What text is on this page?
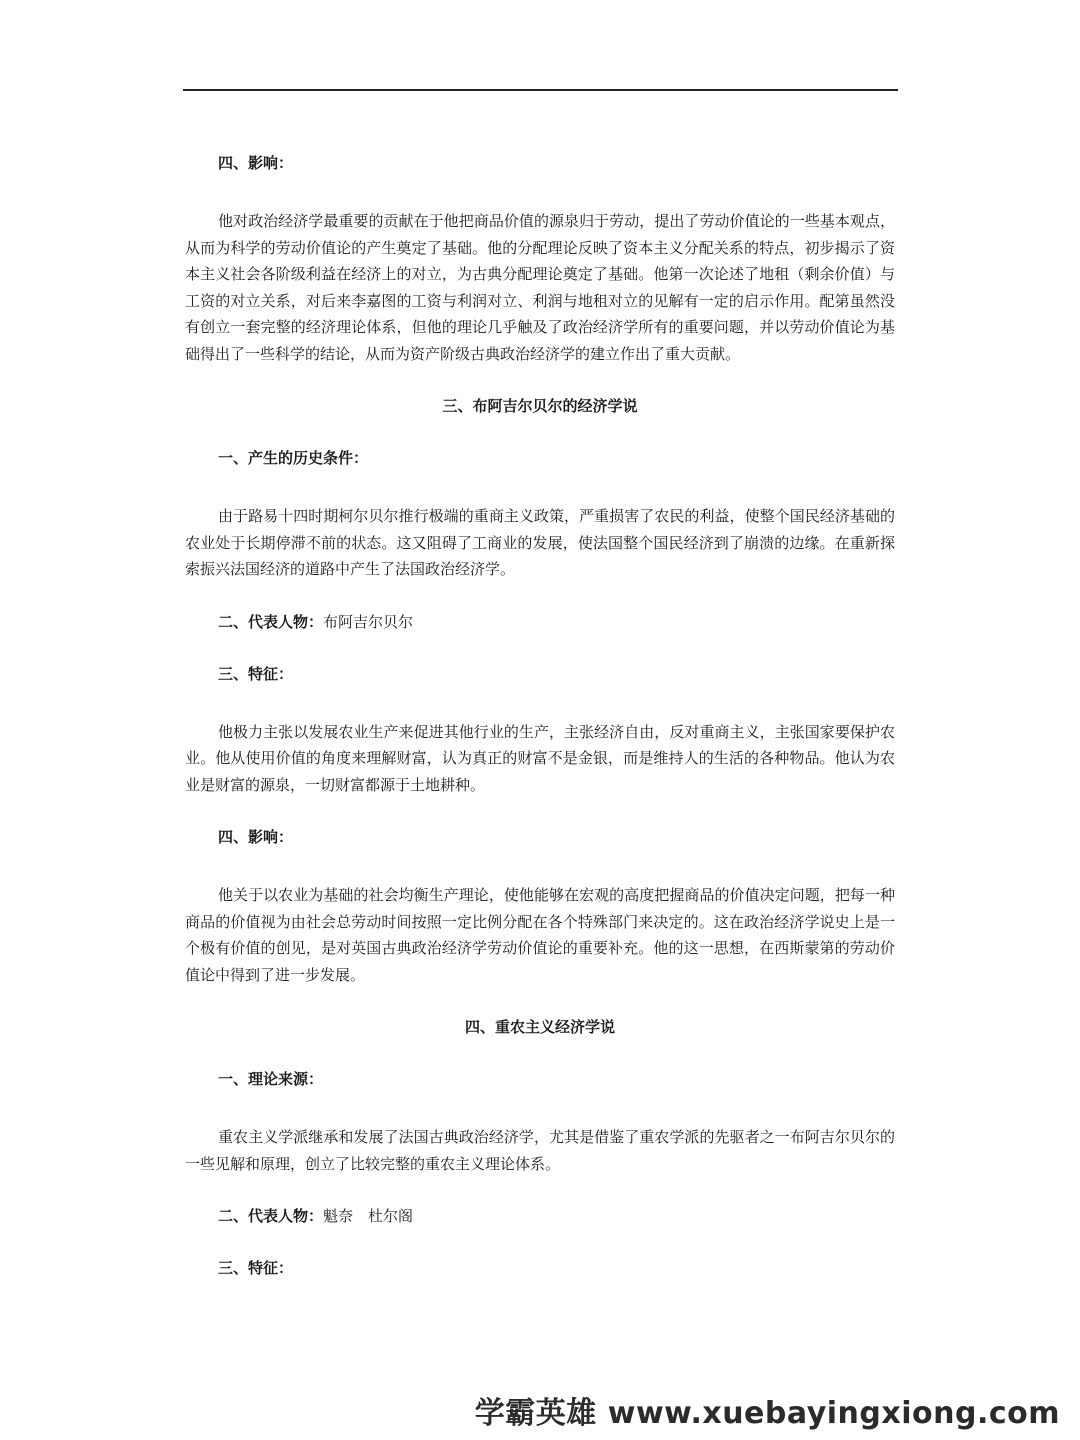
四、影响：

他对政治经济学最重要的贡献在于他把商品价值的源泉归于劳动，提出了劳动价值论的一些基本观点，从而为科学的劳动价值论的产生奠定了基础。他的分配理论反映了资本主义分配关系的特点，初步揭示了资本主义社会各阶级利益在经济上的对立，为古典分配理论奠定了基础。他第一次论述了地租（剩余价值）与工资的对立关系，对后来李嘉图的工资与利润对立、利润与地租对立的见解有一定的启示作用。配第虽然没有创立一套完整的经济理论体系，但他的理论几乎触及了政治经济学所有的重要问题，并以劳动价值论为基础得出了一些科学的结论，从而为资产阶级古典政治经济学的建立作出了重大贡献。

三、布阿吉尔贝尔的经济学说

一、产生的历史条件：

由于路易十四时期柯尔贝尔推行极端的重商主义政策，严重损害了农民的利益，使整个国民经济基础的农业处于长期停滞不前的状态。这又阻碍了工商业的发展，使法国整个国民经济到了崩溃的边缘。在重新探索振兴法国经济的道路中产生了法国政治经济学。

二、代表人物：布阿吉尔贝尔

三、特征：

他极力主张以发展农业生产来促进其他行业的生产，主张经济自由，反对重商主义，主张国家要保护农业。他从使用价值的角度来理解财富，认为真正的财富不是金银，而是维持人的生活的各种物品。他认为农业是财富的源泉，一切财富都源于土地耕种。

四、影响：

他关于以农业为基础的社会均衡生产理论，使他能够在宏观的高度把握商品的价值决定问题，把每一种商品的价值视为由社会总劳动时间按照一定比例分配在各个特殊部门来决定的。这在政治经济学说史上是一个极有价值的创见，是对英国古典政治经济学劳动价值论的重要补充。他的这一思想，在西斯蒙第的劳动价值论中得到了进一步发展。

四、重农主义经济学说

一、理论来源：

重农主义学派继承和发展了法国古典政治经济学，尤其是借鉴了重农学派的先驱者之一布阿吉尔贝尔的一些见解和原理，创立了比较完整的重农主义理论体系。

二、代表人物：魁奈　杜尔阁

三、特征：

学霸英雄 www.xuebayingxiong.com
